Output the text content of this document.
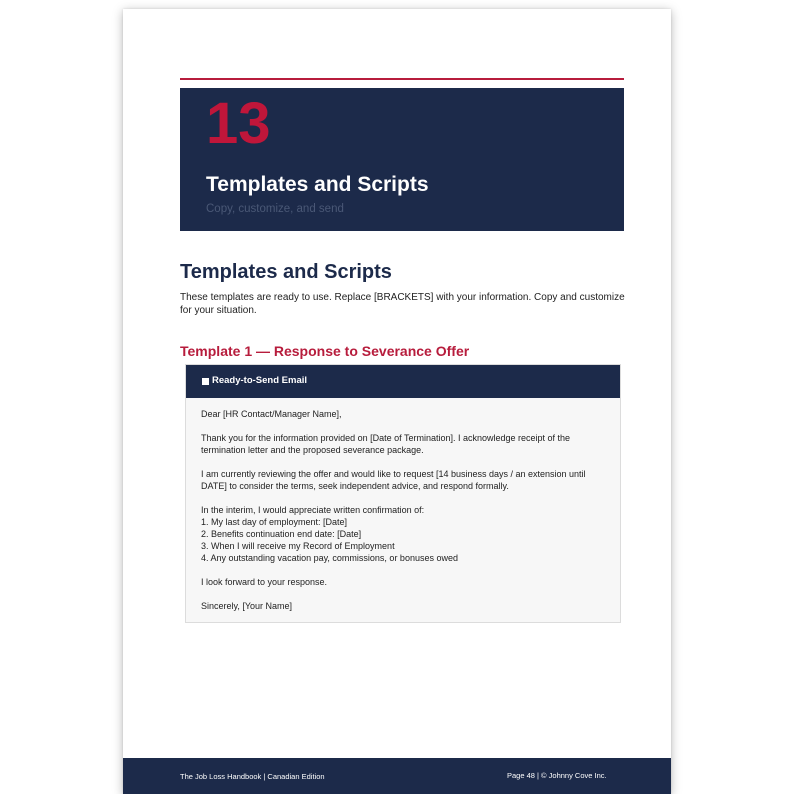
13
Templates and Scripts
Copy, customize, and send
Templates and Scripts
These templates are ready to use. Replace [BRACKETS] with your information. Copy and customize for your situation.
Template 1 — Response to Severance Offer
Ready-to-Send Email

Dear [HR Contact/Manager Name],

Thank you for the information provided on [Date of Termination]. I acknowledge receipt of the termination letter and the proposed severance package.

I am currently reviewing the offer and would like to request [14 business days / an extension until DATE] to consider the terms, seek independent advice, and respond formally.

In the interim, I would appreciate written confirmation of:
1. My last day of employment: [Date]
2. Benefits continuation end date: [Date]
3. When I will receive my Record of Employment
4. Any outstanding vacation pay, commissions, or bonuses owed

I look forward to your response.

Sincerely, [Your Name]

The Job Loss Handbook | Canadian Edition	Page 48 | © Johnny Cove Inc.
